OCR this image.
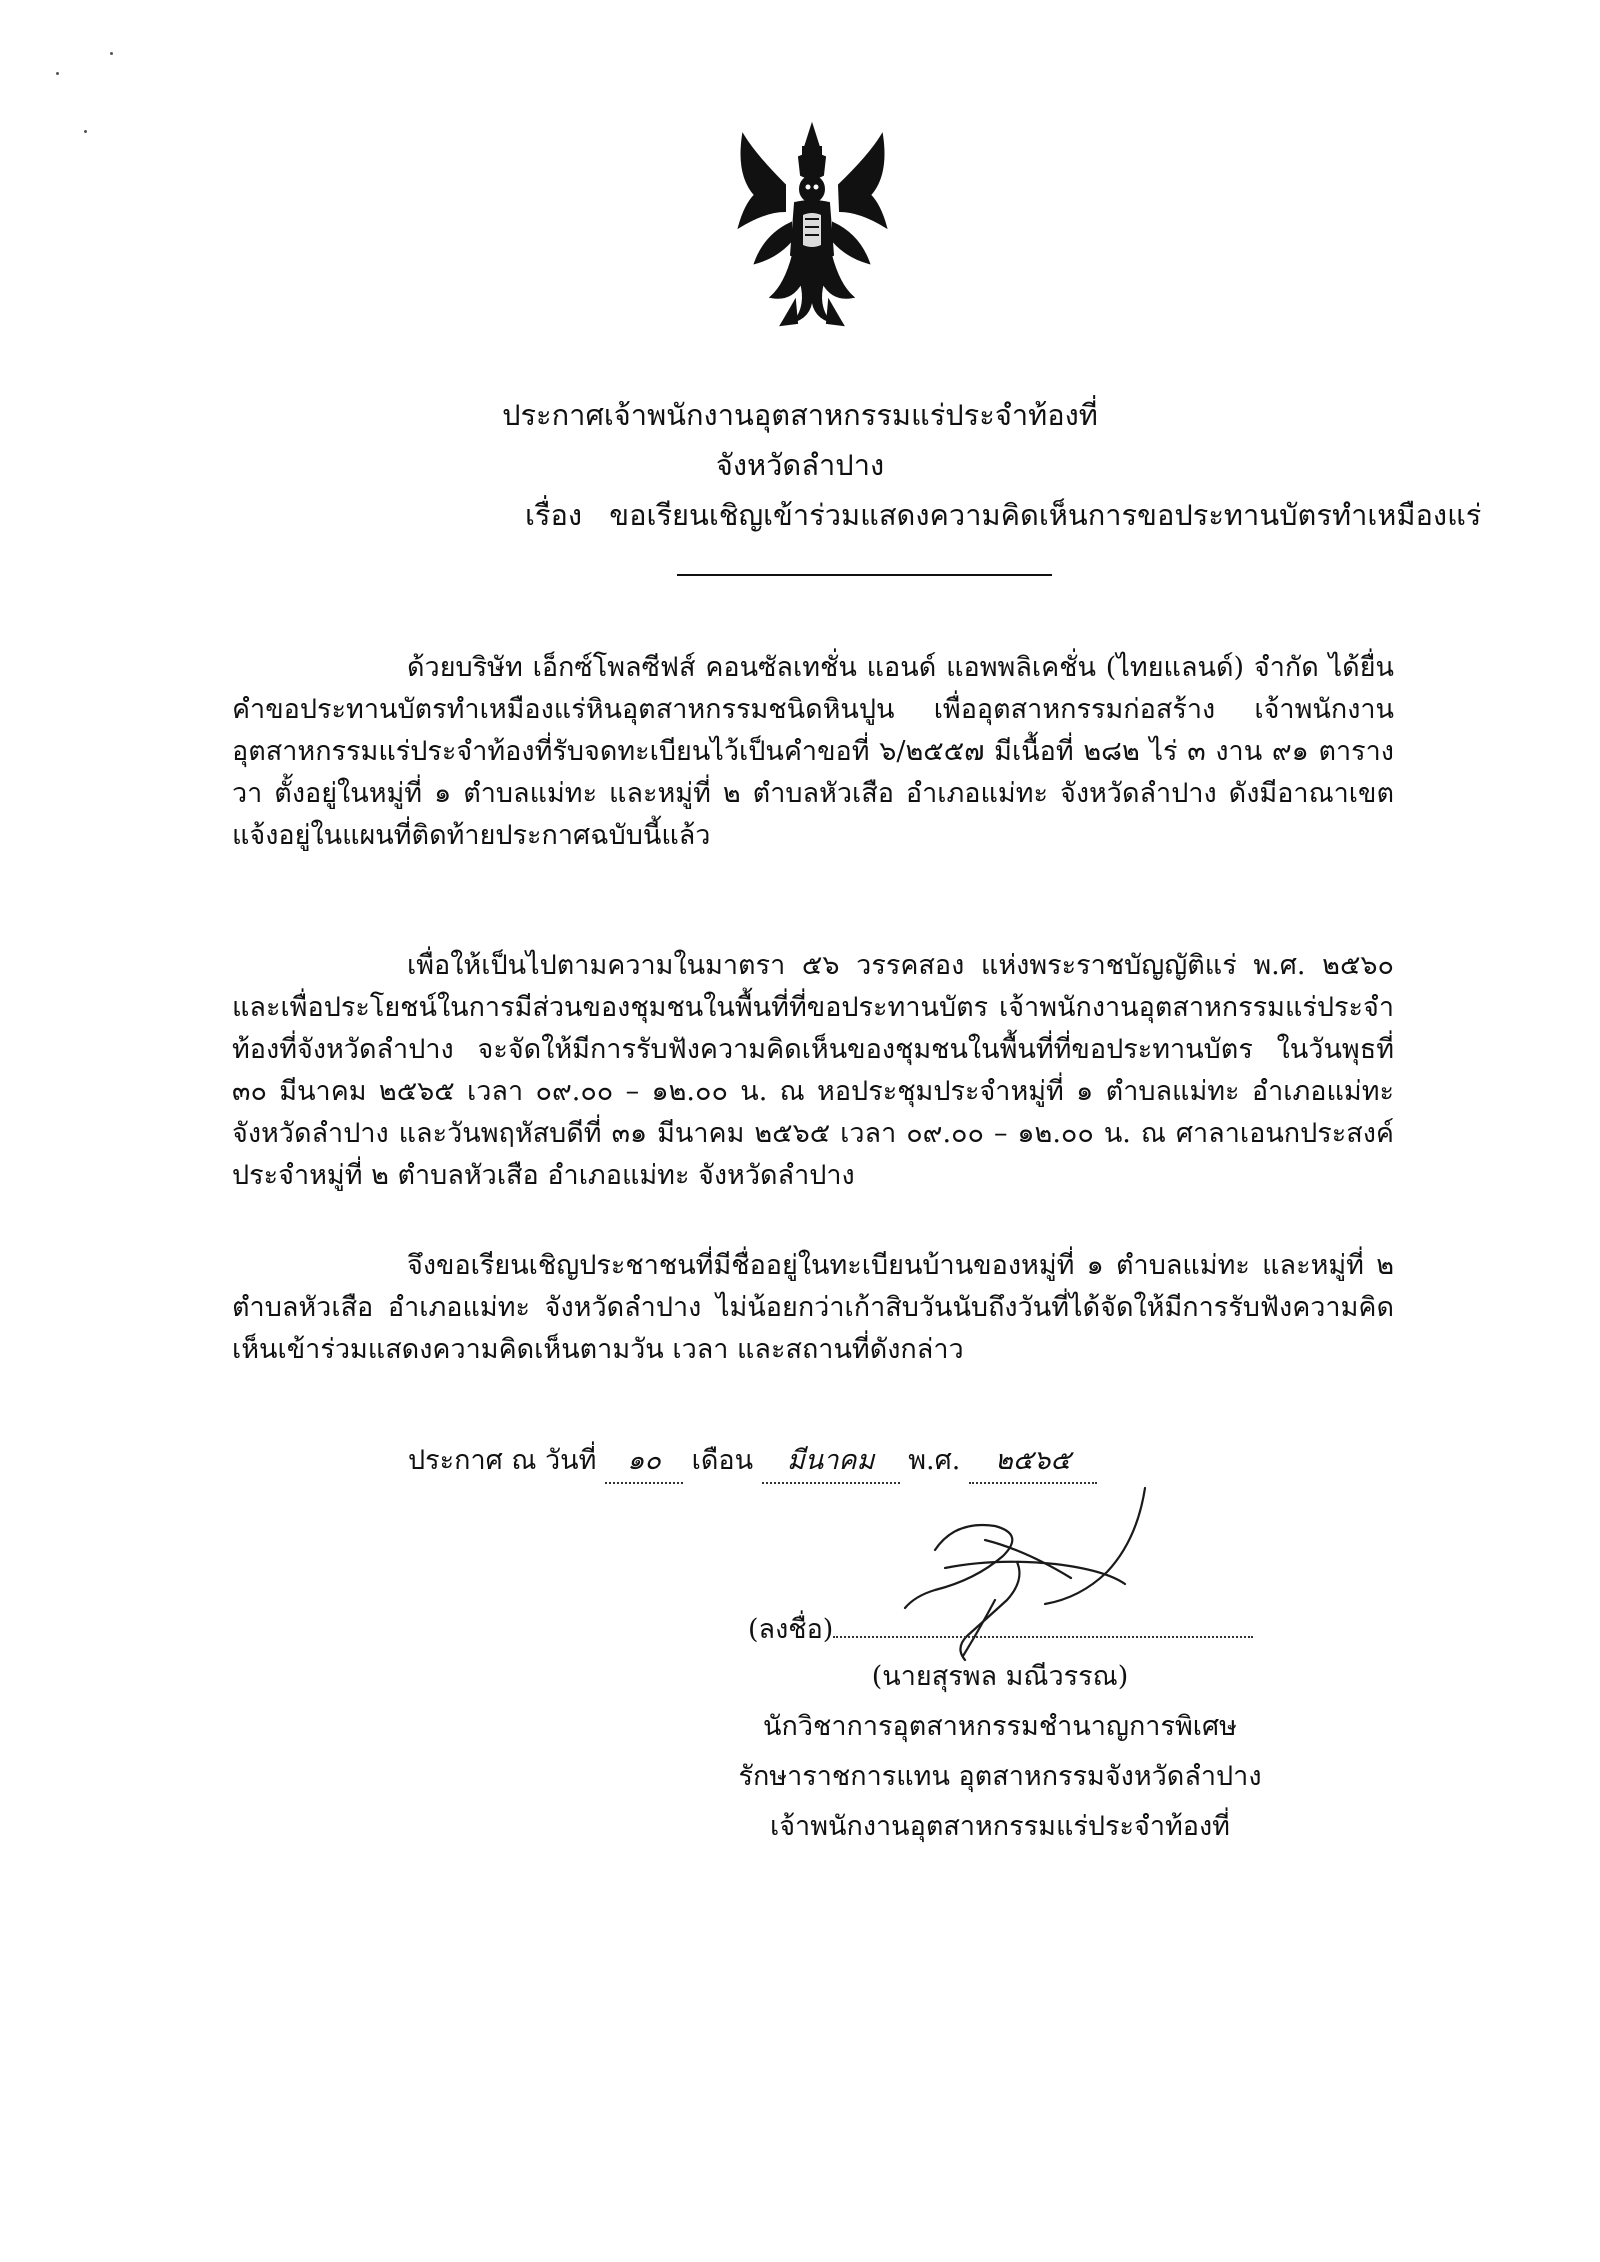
ประกาศเจ้าพนักงานอุตสาหกรรมแร่ประจำท้องที่
จังหวัดลำปาง
เรื่อง ขอเรียนเชิญเข้าร่วมแสดงความคิดเห็นการขอประทานบัตรทำเหมืองแร่

ด้วยบริษัท เอ็กซ์โพลซีฟส์ คอนซัลเทชั่น แอนด์ แอพพลิเคชั่น (ไทยแลนด์) จำกัด ได้ยื่นคำขอประทานบัตรทำเหมืองแร่หินอุตสาหกรรมชนิดหินปูน เพื่ออุตสาหกรรมก่อสร้าง เจ้าพนักงานอุตสาหกรรมแร่ประจำท้องที่รับจดทะเบียนไว้เป็นคำขอที่ ๖/๒๕๕๗ มีเนื้อที่ ๒๘๒ ไร่ ๓ งาน ๙๑ ตารางวา ตั้งอยู่ในหมู่ที่ ๑ ตำบลแม่ทะ และหมู่ที่ ๒ ตำบลหัวเสือ อำเภอแม่ทะ จังหวัดลำปาง ดังมีอาณาเขตแจ้งอยู่ในแผนที่ติดท้ายประกาศฉบับนี้แล้ว

เพื่อให้เป็นไปตามความในมาตรา ๕๖ วรรคสอง แห่งพระราชบัญญัติแร่ พ.ศ. ๒๕๖๐ และเพื่อประโยชน์ในการมีส่วนของชุมชนในพื้นที่ที่ขอประทานบัตร เจ้าพนักงานอุตสาหกรรมแร่ประจำท้องที่จังหวัดลำปาง จะจัดให้มีการรับฟังความคิดเห็นของชุมชนในพื้นที่ที่ขอประทานบัตร ในวันพุธที่ ๓๐ มีนาคม ๒๕๖๕ เวลา ๐๙.๐๐ – ๑๒.๐๐ น. ณ หอประชุมประจำหมู่ที่ ๑ ตำบลแม่ทะ อำเภอแม่ทะ จังหวัดลำปาง และวันพฤหัสบดีที่ ๓๑ มีนาคม ๒๕๖๕ เวลา ๐๙.๐๐ – ๑๒.๐๐ น. ณ ศาลาเอนกประสงค์ประจำหมู่ที่ ๒ ตำบลหัวเสือ อำเภอแม่ทะ จังหวัดลำปาง

จึงขอเรียนเชิญประชาชนที่มีชื่ออยู่ในทะเบียนบ้านของหมู่ที่ ๑ ตำบลแม่ทะ และหมู่ที่ ๒ ตำบลหัวเสือ อำเภอแม่ทะ จังหวัดลำปาง ไม่น้อยกว่าเก้าสิบวันนับถึงวันที่ได้จัดให้มีการรับฟังความคิดเห็นเข้าร่วมแสดงความคิดเห็นตามวัน เวลา และสถานที่ดังกล่าว

ประกาศ ณ วันที่ ๑๐ เดือน มีนาคม พ.ศ. ๒๕๖๕
(ลงชื่อ)
(นายสุรพล มณีวรรณ)
นักวิชาการอุตสาหกรรมชำนาญการพิเศษ
รักษาราชการแทน อุตสาหกรรมจังหวัดลำปาง
เจ้าพนักงานอุตสาหกรรมแร่ประจำท้องที่
